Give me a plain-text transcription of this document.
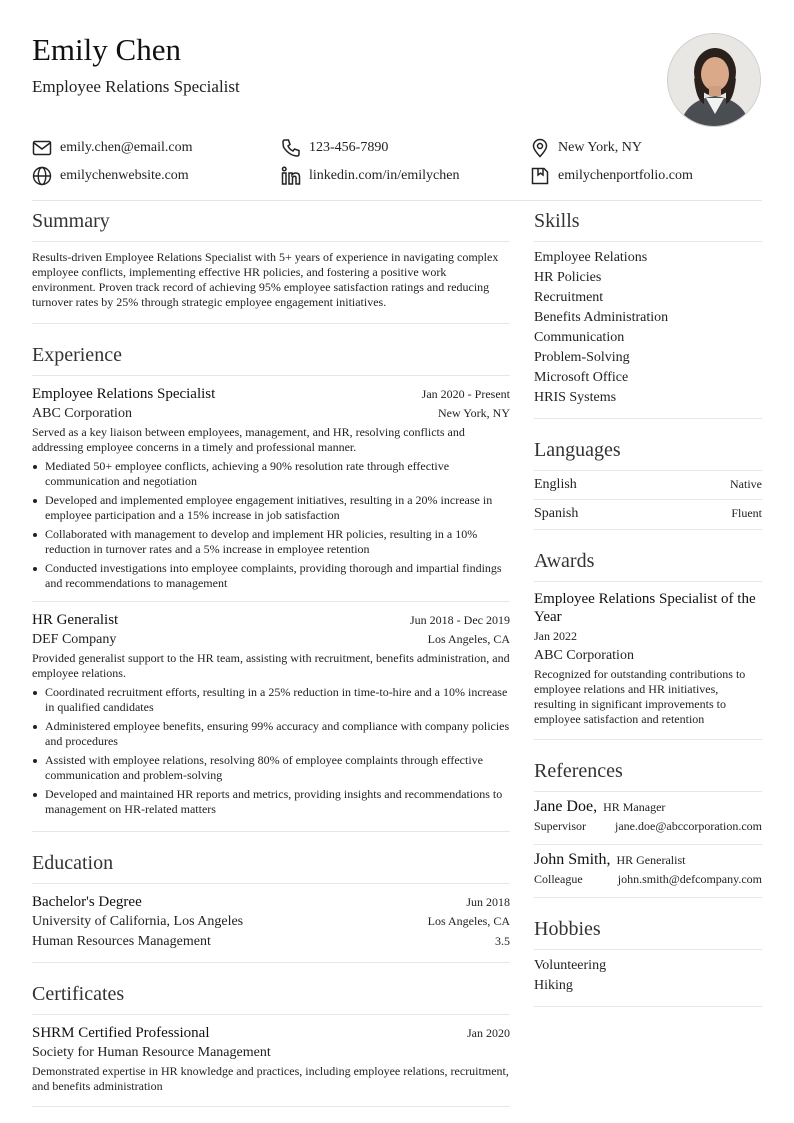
Emily Chen
Employee Relations Specialist
emily.chen@email.com	123-456-7890	New York, NY
emilychenwebsite.com	linkedin.com/in/emilychen	emilychenportfolio.com
Summary
Results-driven Employee Relations Specialist with 5+ years of experience in navigating complex employee conflicts, implementing effective HR policies, and fostering a positive work environment. Proven track record of achieving 95% employee satisfaction ratings and reducing turnover rates by 25% through strategic employee engagement initiatives.
Experience
Employee Relations Specialist	Jan 2020 - Present
ABC Corporation	New York, NY
Served as a key liaison between employees, management, and HR, resolving conflicts and addressing employee concerns in a timely and professional manner.
Mediated 50+ employee conflicts, achieving a 90% resolution rate through effective communication and negotiation
Developed and implemented employee engagement initiatives, resulting in a 20% increase in employee participation and a 15% increase in job satisfaction
Collaborated with management to develop and implement HR policies, resulting in a 10% reduction in turnover rates and a 5% increase in employee retention
Conducted investigations into employee complaints, providing thorough and impartial findings and recommendations to management
HR Generalist	Jun 2018 - Dec 2019
DEF Company	Los Angeles, CA
Provided generalist support to the HR team, assisting with recruitment, benefits administration, and employee relations.
Coordinated recruitment efforts, resulting in a 25% reduction in time-to-hire and a 10% increase in qualified candidates
Administered employee benefits, ensuring 99% accuracy and compliance with company policies and procedures
Assisted with employee relations, resolving 80% of employee complaints through effective communication and problem-solving
Developed and maintained HR reports and metrics, providing insights and recommendations to management on HR-related matters
Education
Bachelor's Degree	Jun 2018
University of California, Los Angeles	Los Angeles, CA
Human Resources Management	3.5
Certificates
SHRM Certified Professional	Jan 2020
Society for Human Resource Management
Demonstrated expertise in HR knowledge and practices, including employee relations, recruitment, and benefits administration
Skills
Employee Relations
HR Policies
Recruitment
Benefits Administration
Communication
Problem-Solving
Microsoft Office
HRIS Systems
Languages
English	Native
Spanish	Fluent
Awards
Employee Relations Specialist of the Year
Jan 2022
ABC Corporation
Recognized for outstanding contributions to employee relations and HR initiatives, resulting in significant improvements to employee satisfaction and retention
References
Jane Doe, HR Manager
Supervisor jane.doe@abccorporation.com
John Smith, HR Generalist
Colleague	john.smith@defcompany.com
Hobbies
Volunteering
Hiking
